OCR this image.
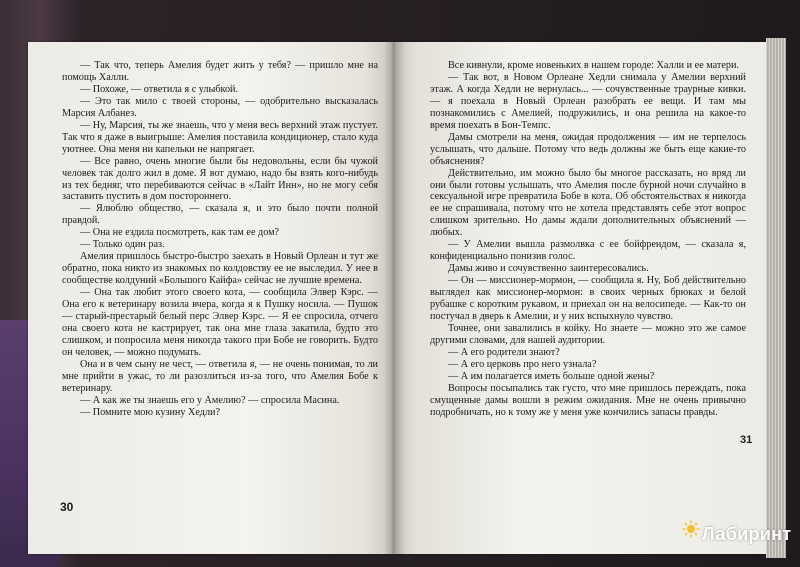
— Так что, теперь Амелия будет жить у тебя? — пришло мне на помощь Халли.

— Похоже, — ответила я с улыбкой.

— Это так мило с твоей стороны, — одобрительно высказалась Марсия Албанез.

— Ну, Марсия, ты же знаешь, что у меня весь верхний этаж пустует. Так что я даже в выигрыше: Амелия поставила кондиционер, стало куда уютнее. Она меня ни капельки не напрягает.

— Все равно, очень многие были бы недовольны, если бы чужой человек так долго жил в доме. Я вот думаю, надо бы взять кого-нибудь из тех бедняг, что перебиваются сейчас в «Лайт Инн», но не могу себя заставить пустить в дом постороннего.

— Ялюблю общество, — сказала я, и это было почти полной правдой.

— Она не ездила посмотреть, как там ее дом?

— Только один раз.

Амелия пришлось быстро-быстро заехать в Новый Орлеан и тут же обратно, пока никто из знакомых по колдовству ее не выследил. У нее в сообществе колдуний «Большого Кайфа» сейчас не лучшие времена.

— Она так любит этого своего кота, — сообщила Элвер Кэрс. — Она его к ветеринару возила вчера, когда я к Пушку носила. — Пушок — старый-престарый белый перс Элвер Кэрс. — Я ее спросила, отчего она своего кота не кастрирует, так она мне глаза закатила, будто это слишком, и попросила меня никогда такого при Бобе не говорить. Будто он человек, — можно подумать.

Она и в чем сыну не чест, — ответила я, — не очень понимая, то ли мне прийти в ужас, то ли разозлиться из-за того, что Амелия Бобе к ветеринару.

— А как же ты знаешь его у Амелию? — спросила Масина.

— Помните мою кузину Хедли?

30

Все кивнули, кроме новеньких в нашем городе: Халли и ее матери.

— Так вот, в Новом Орлеане Хедли снимала у Амелии верхний этаж. А когда Хедли не вернулась... — сочувственные траурные кивки. — я поехала в Новый Орлеан разобрать ее вещи. И там мы познакомились с Амелией, подружились, и она решила на какое-то время поехать в Бон-Темпс.

Дамы смотрели на меня, ожидая продолжения — им не терпелось услышать, что дальше. Потому что ведь должны же быть еще какие-то объяснения?

Действительно, им можно было бы многое рассказать, но вряд ли они были готовы услышать, что Амелия после бурной ночи случайно в сексуальной игре превратила Бобе в кота. Об обстоятельствах я никогда ее не спрашивала, потому что не хотела представлять себе этот вопрос слишком зрительно. Но дамы ждали дополнительных объяснений — любых.

— У Амелии вышла размолвка с ее бойфрендом, — сказала я, конфиденциально понизив голос.

Дамы живо и сочувственно заинтересовались.

— Он — миссионер-мормон, — сообщила я. Ну, Боб действительно выглядел как миссионер-мормон: в своих черных брюках и белой рубашке с коротким рукавом, и приехал он на велосипеде. — Как-то он постучал в дверь к Амелии, и у них вспыхнуло чувство.

Точнее, они завалились в койку. Но знаете — можно это же самое другими словами, для нашей аудитории.

— А его родители знают?

— А его церковь про него узнала?

— А им полагается иметь больше одной жены?

Вопросы посыпались так густо, что мне пришлось переждать, пока смущенные дамы вошли в режим ожидания. Мне не очень привычно подробничать, но к тому же у меня уже кончились запасы правды.

31
Лабиринт
